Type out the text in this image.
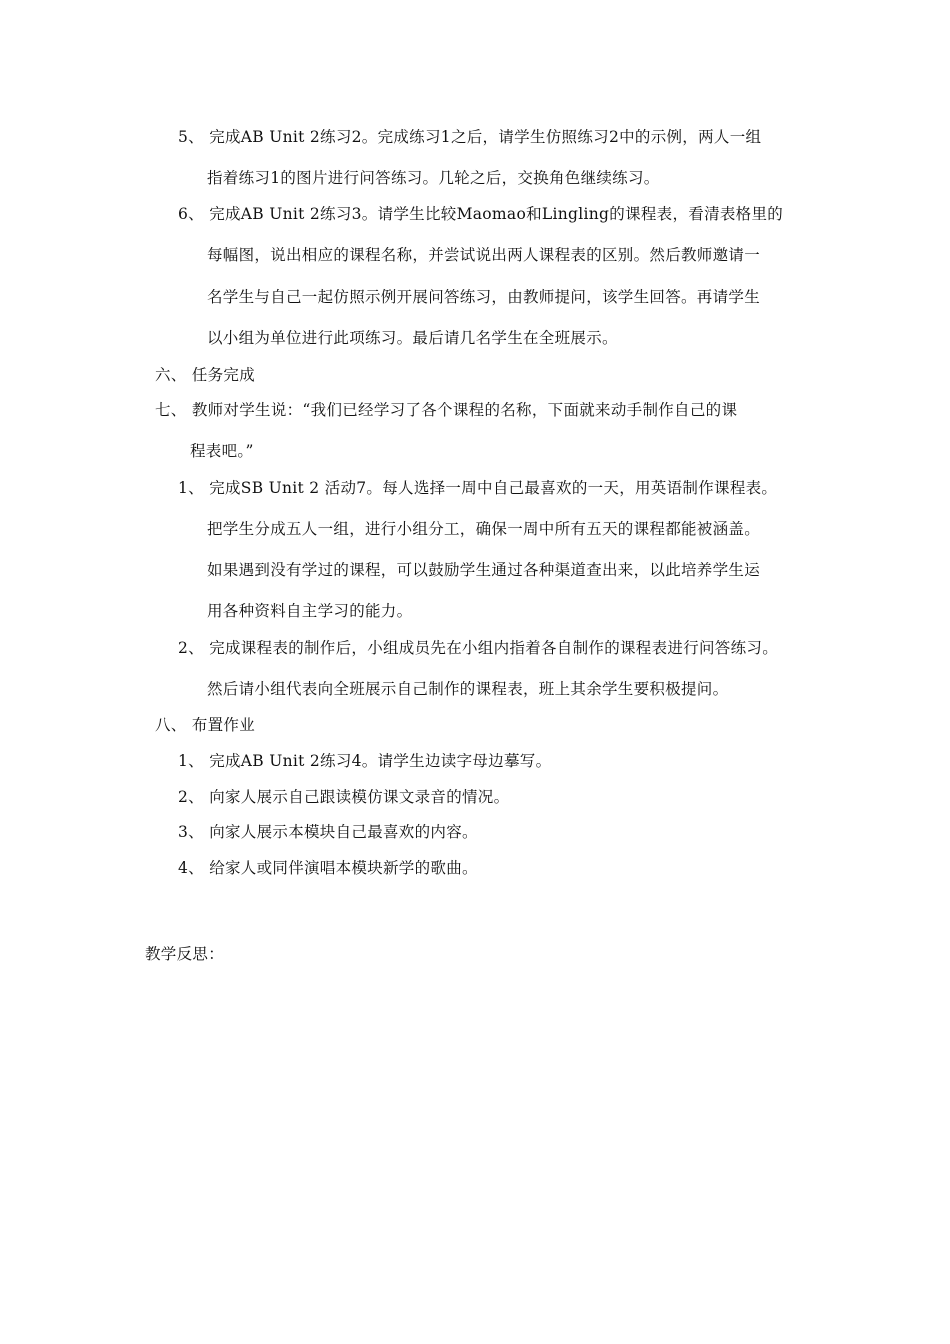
5、 完成AB Unit 2练习2。完成练习1之后，请学生仿照练习2中的示例，两人一组
指着练习1的图片进行问答练习。几轮之后，交换角色继续练习。
6、 完成AB Unit 2练习3。请学生比较Maomao和Lingling的课程表，看清表格里的
每幅图，说出相应的课程名称，并尝试说出两人课程表的区别。然后教师邀请一
名学生与自己一起仿照示例开展问答练习，由教师提问，该学生回答。再请学生
以小组为单位进行此项练习。最后请几名学生在全班展示。
六、 任务完成
七、 教师对学生说：“我们已经学习了各个课程的名称，下面就来动手制作自己的课
程表吧。”
1、 完成SB Unit 2 活动7。每人选择一周中自己最喜欢的一天，用英语制作课程表。
把学生分成五人一组，进行小组分工，确保一周中所有五天的课程都能被涵盖。
如果遇到没有学过的课程，可以鼓励学生通过各种渠道查出来，以此培养学生运
用各种资料自主学习的能力。
2、 完成课程表的制作后，小组成员先在小组内指着各自制作的课程表进行问答练习。
然后请小组代表向全班展示自己制作的课程表，班上其余学生要积极提问。
八、 布置作业
1、 完成AB Unit 2练习4。请学生边读字母边摹写。
2、 向家人展示自己跟读模仿课文录音的情况。
3、 向家人展示本模块自己最喜欢的内容。
4、 给家人或同伴演唱本模块新学的歌曲。
教学反思：
